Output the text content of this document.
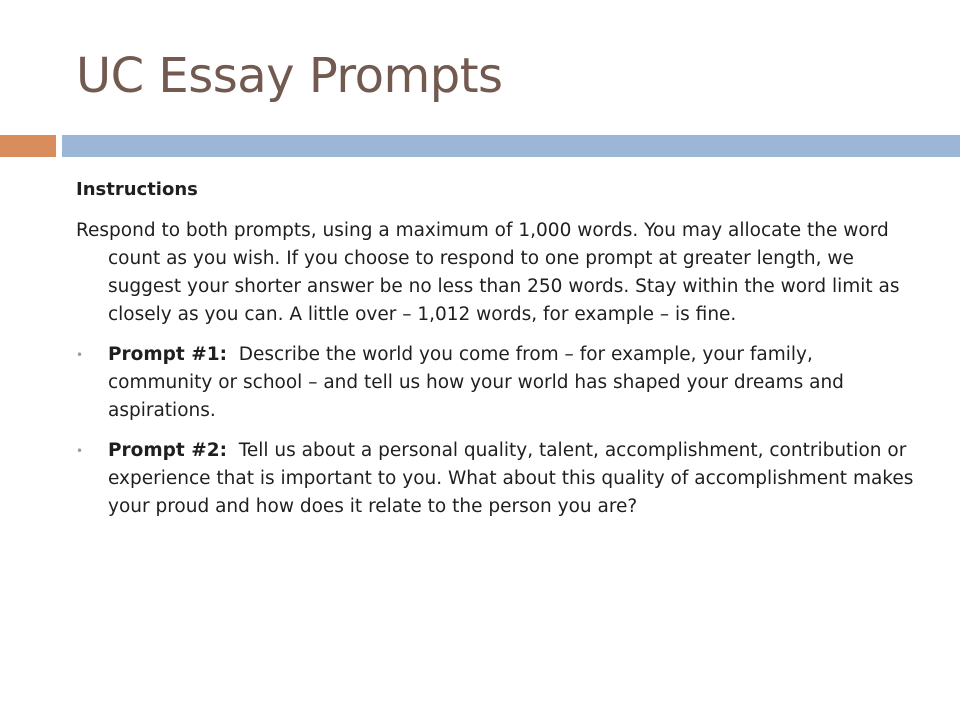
UC Essay Prompts

Instructions

Respond to both prompts, using a maximum of 1,000 words. You may allocate the word count as you wish. If you choose to respond to one prompt at greater length, we suggest your shorter answer be no less than 250 words. Stay within the word limit as closely as you can. A little over – 1,012 words, for example – is fine.

• Prompt #1: Describe the world you come from – for example, your family, community or school – and tell us how your world has shaped your dreams and aspirations.
• Prompt #2: Tell us about a personal quality, talent, accomplishment, contribution or experience that is important to you. What about this quality of accomplishment makes your proud and how does it relate to the person you are?
